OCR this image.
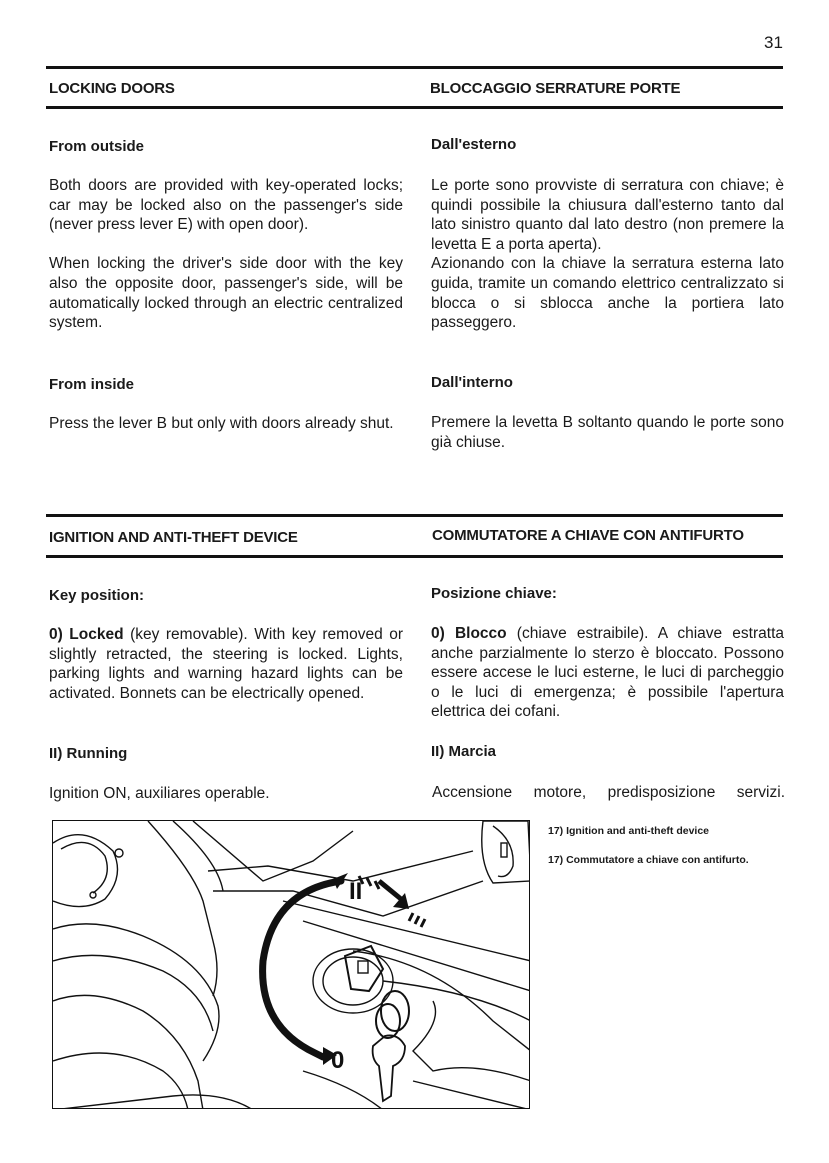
31
LOCKING DOORS	BLOCCAGGIO SERRATURE PORTE
From outside	Dall'esterno

Both doors are provided with key-operated locks; car may be locked also on the passenger's side (never press lever E) with open door).

When locking the driver's side door with the key also the opposite door, passenger's side, will be automatically locked through an electric centralized system.

Le porte sono provviste di serratura con chiave; è quindi possibile la chiusura dall'esterno tanto dal lato sinistro quanto dal lato destro (non premere la levetta E a porta aperta).

Azionando con la chiave la serratura esterna lato guida, tramite un comando elettrico centralizzato si blocca o si sblocca anche la portiera lato passeggero.

From inside	Dall'interno

Press the lever B but only with doors already shut.	Premere la levetta B soltanto quando le porte sono già chiuse.

IGNITION AND ANTI-THEFT DEVICE	COMMUTATORE A CHIAVE CON ANTIFURTO
Key position:	Posizione chiave:

0) Locked (key removable). With key removed or slightly retracted, the steering is locked. Lights, parking lights and warning hazard lights can be activated. Bonnets can be electrically opened.

0) Blocco (chiave estraibile). A chiave estratta anche parzialmente lo sterzo è bloccato. Possono essere accese le luci esterne, le luci di parcheggio o le luci di emergenza; è possibile l'apertura elettrica dei cofani.

II) Running	II) Marcia

Ignition ON, auxiliares operable.	Accensione motore, predisposizione servizi.

II
0
17) Ignition and anti-theft device
17) Commutatore a chiave con antifurto.
